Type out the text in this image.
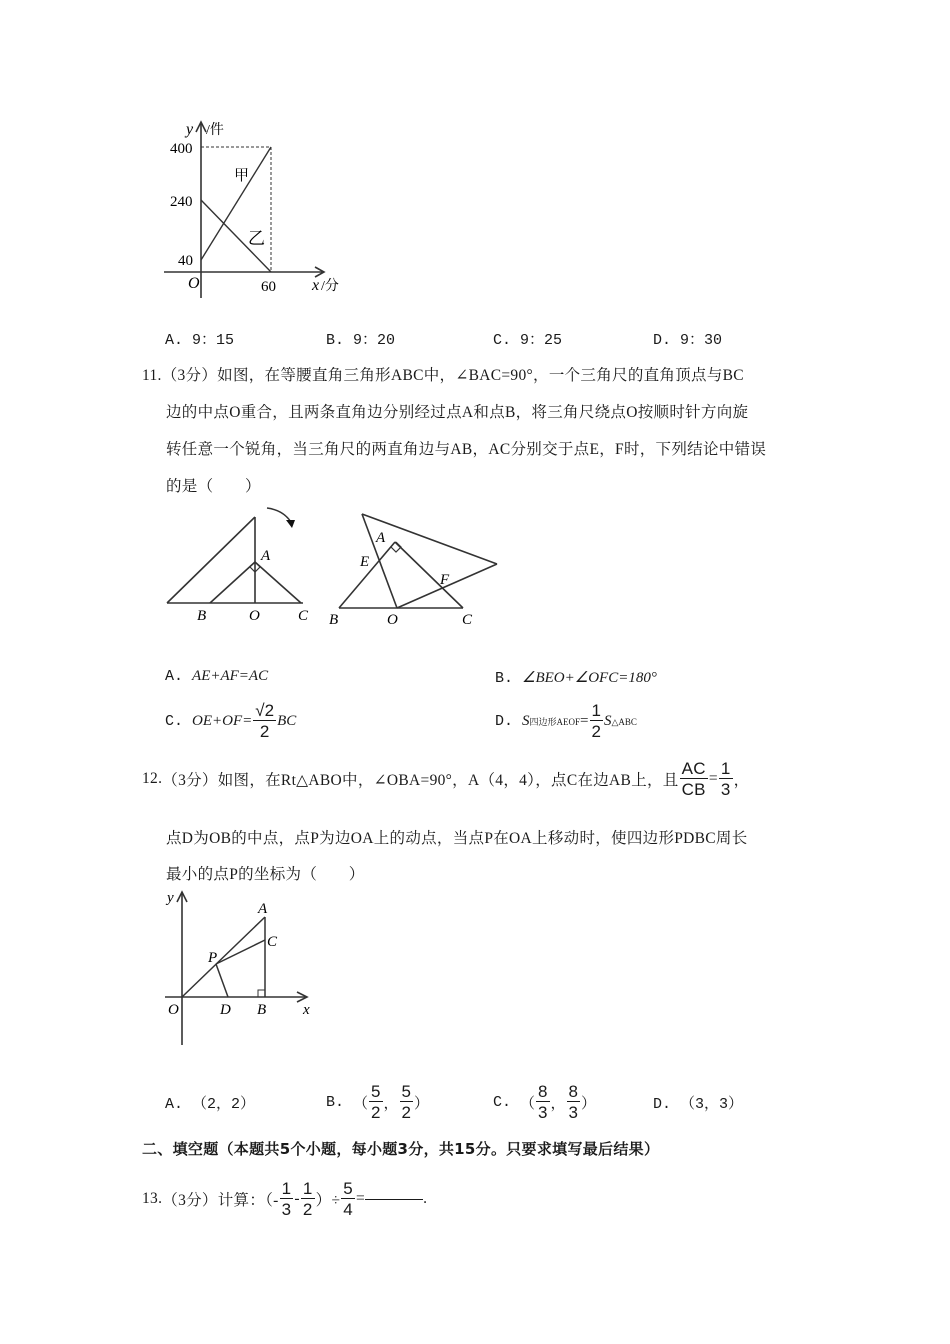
y /件
400
240
40
O	60 x /分
甲
乙
A. 9：15	B. 9：20	C. 9：25	D. 9：30
11.（3分）如图，在等腰直角三角形ABC中，∠BAC=90°，一个三角尺的直角顶点与BC
边的中点O重合，且两条直角边分别经过点A和点B，将三角尺绕点O按顺时针方向旋
转任意一个锐角，当三角尺的两直角边与AB，AC分别交于点E，F时，下列结论中错误
的是（　　）
A
B	O	C
A
E
F
B	O	C
A. AE+AF=AC	B. ∠BEO+∠OFC=180°
C. $OE+OF= \frac{√2}{2}$ BC	D. S四边形AEOF= $\frac{1}{2}$ S△ABC
12. （3分） 如图，在Rt△ABO中，∠OBA=90°，A（4，4），点C在边AB上，且 $\frac{AC}{CB} = \frac{1}{3}$ ，
点D为OB的中点，点P为边OA上的动点，当点P在OA上移动时，使四边形PDBC周长
最小的点P的坐标为（　　）
y
A
C
P
O	D B x
A. （2，2）	B.
（ $\frac{5}{2}$ ， $\frac{5}{2}$ ）	C.
（ $\frac{8}{3}$ ， $\frac{8}{3}$ ）	D. （3，3）
二、填空题（本题共5个小题，每小题3分，共15分。只要求填写最后结果）
13. （3分） 计算：（- $\frac{1}{3} - \frac{1}{2}$ ）÷ $\frac{5}{4}$ =	.
